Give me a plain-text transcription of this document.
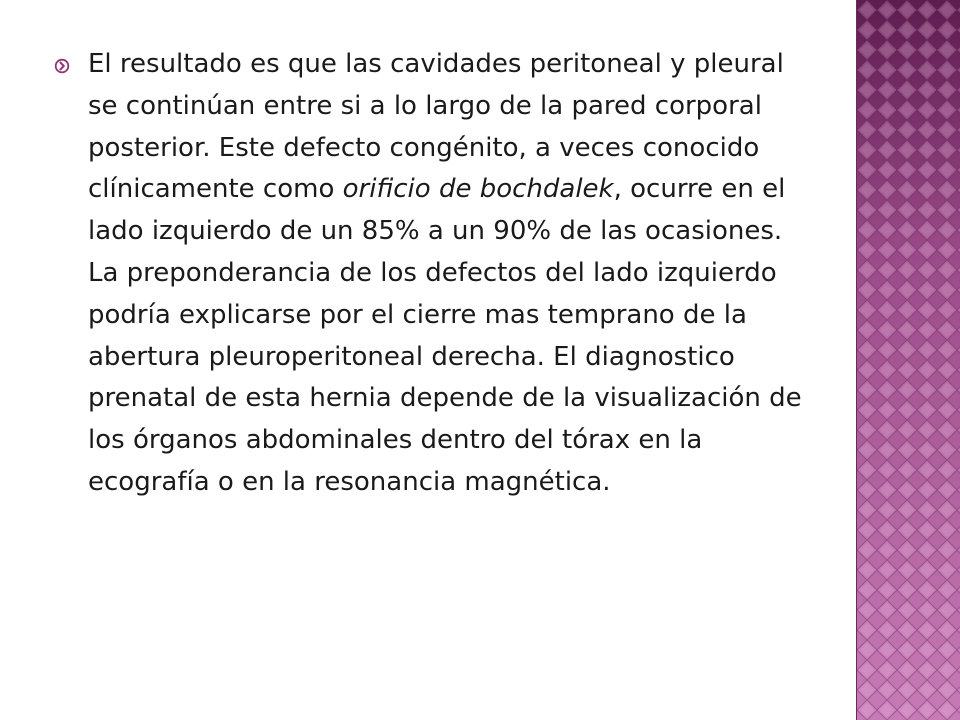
El resultado es que las cavidades peritoneal y pleural se continúan entre si a lo largo de la pared corporal posterior. Este defecto congénito, a veces conocido clínicamente como orificio de bochdalek, ocurre en el lado izquierdo de un 85% a un 90% de las ocasiones. La preponderancia de los defectos del lado izquierdo podría explicarse por el cierre mas temprano de la abertura pleuroperitoneal derecha. El diagnostico prenatal de esta hernia depende de la visualización de los órganos abdominales dentro del tórax en la ecografía o en la resonancia magnética.
